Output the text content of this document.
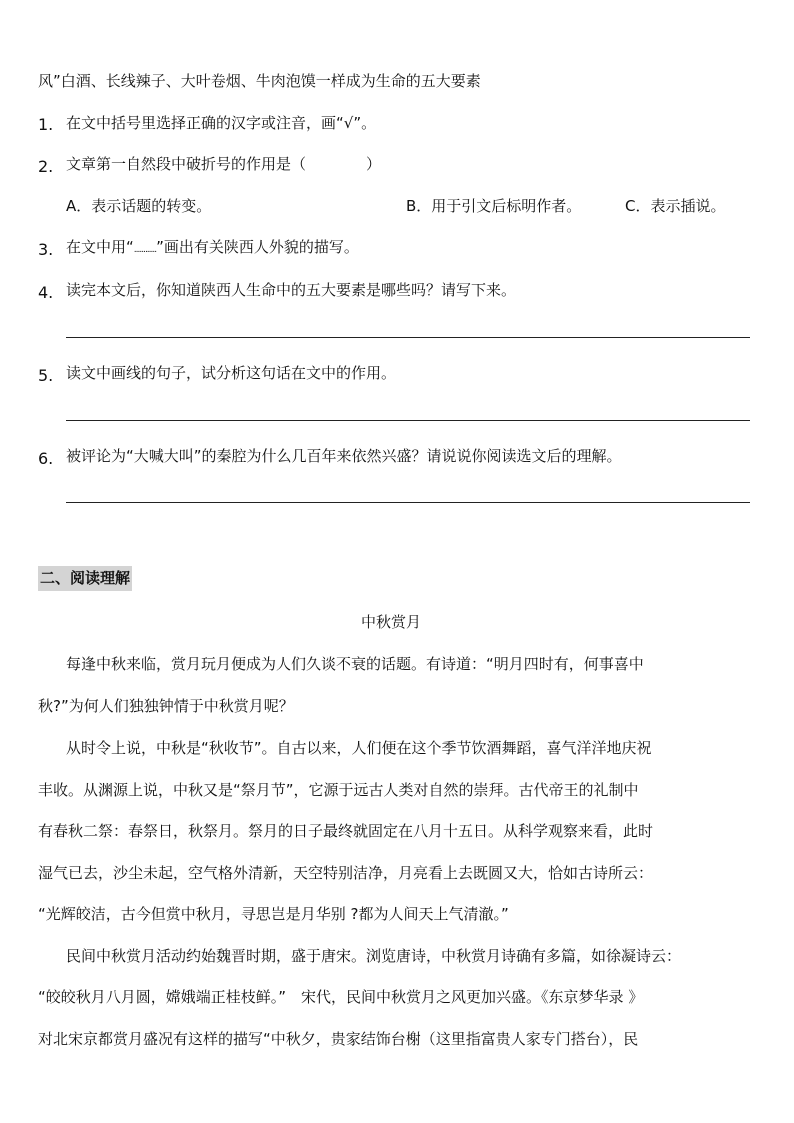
风”白酒、长线辣子、大叶卷烟、牛肉泡馍一样成为生命的五大要素
1. 在文中括号里选择正确的汉字或注音，画“√”。
2. 文章第一自然段中破折号的作用是（　　　　）
A．表示话题的转变。	B．用于引文后标明作者。	C．表示插说。
3. 在文中用“............”画出有关陕西人外貌的描写。
4. 读完本文后，你知道陕西人生命中的五大要素是哪些吗？请写下来。
5. 读文中画线的句子，试分析这句话在文中的作用。
6. 被评论为“大喊大叫”的秦腔为什么几百年来依然兴盛？请说说你阅读选文后的理解。
二、阅读理解
中秋赏月
每逢中秋来临，赏月玩月便成为人们久谈不衰的话题。有诗道：“明月四时有，何事喜中
秋?”为何人们独独钟情于中秋赏月呢？
从时令上说，中秋是“秋收节”。自古以来，人们便在这个季节饮酒舞蹈，喜气洋洋地庆祝
丰收。从渊源上说，中秋又是“祭月节”，它源于远古人类对自然的崇拜。古代帝王的礼制中
有春秋二祭：春祭日，秋祭月。祭月的日子最终就固定在八月十五日。从科学观察来看，此时
湿气已去，沙尘未起，空气格外清新，天空特别洁净，月亮看上去既圆又大，恰如古诗所云：
“光辉皎洁，古今但赏中秋月，寻思岂是月华别 ?都为人间天上气清澈。”
民间中秋赏月活动约始魏晋时期，盛于唐宋。浏览唐诗，中秋赏月诗确有多篇，如徐凝诗云：
“皎皎秋月八月圆，嫦娥端正桂枝鲜。”　宋代，民间中秋赏月之风更加兴盛。《东京梦华录 》
对北宋京都赏月盛况有这样的描写“中秋夕，贵家结饰台榭（这里指富贵人家专门搭台），民
